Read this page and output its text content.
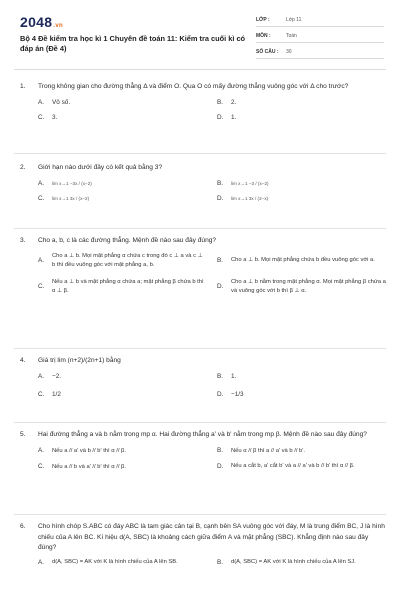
2048.vn
Bộ 4 Đề kiểm tra học kì 1 Chuyên đề toán 11: Kiểm tra cuối kì có đáp án (Đề 4)
LỚP :	Lớp 11
MÔN :	Toán
SỐ CÂU :	30
1.	Trong không gian cho đường thẳng Δ và điểm O. Qua O có mấy đường thẳng vuông góc với Δ cho trước?
A.	Vô số.	B.	2.
C.	3.	D.	1.
2.	Giới hạn nào dưới đây có kết quả bằng 3?
A.	lim x→1 −3x / (x−2)	B.	lim x→1 −3 / (x−2)
C.	lim x→1 3x / (x−2)	D.	lim x→1 3x / (2−x)
3.	Cho a, b, c là các đường thẳng. Mệnh đề nào sau đây đúng?
A.
Cho a ⊥ b. Mọi mặt phẳng α chứa c trong đó c ⊥ a và c ⊥ b thì đều vuông góc với mặt phẳng a, b.
B.	Cho a ⊥ b. Mọi mặt phẳng chứa b đều vuông góc với a.
C.
Nếu a ⊥ b và mặt phẳng α chứa a; mặt phẳng β chứa b thì α ⊥ β.
D.
Cho a ⊥ b nằm trong mặt phẳng α. Mọi mặt phẳng β chứa a và vuông góc với b thì β ⊥ α.
4.	Giá trị lim (n+2)/(2n+1) bằng
A.	−2.	B.	1.
C.	1/2	D.	−1/3
5.	Hai đường thẳng a và b nằm trong mp α. Hai đường thẳng a' và b' nằm trong mp β. Mệnh đề nào sau đây đúng?
A.	Nếu a // a' và b // b' thì α // β.	B.	Nếu α // β thì a // a' và b // b'.
C.	Nếu a // b và a' // b' thì α // β.	D.	Nếu a cắt b, a' cắt b' và a // a' và b // b' thì α // β.
6.	Cho hình chóp S.ABC có đáy ABC là tam giác cân tại B, cạnh bên SA vuông góc với đáy, M là trung điểm BC, J là hình chiếu của A lên BC. Kí hiệu d(A, SBC) là khoảng cách giữa điểm A và mặt phẳng (SBC). Khẳng định nào sau đây đúng?
A.	d(A, SBC) = AK với K là hình chiếu của A lên SB.	B.	d(A, SBC) = AK với K là hình chiếu của A lên SJ.
